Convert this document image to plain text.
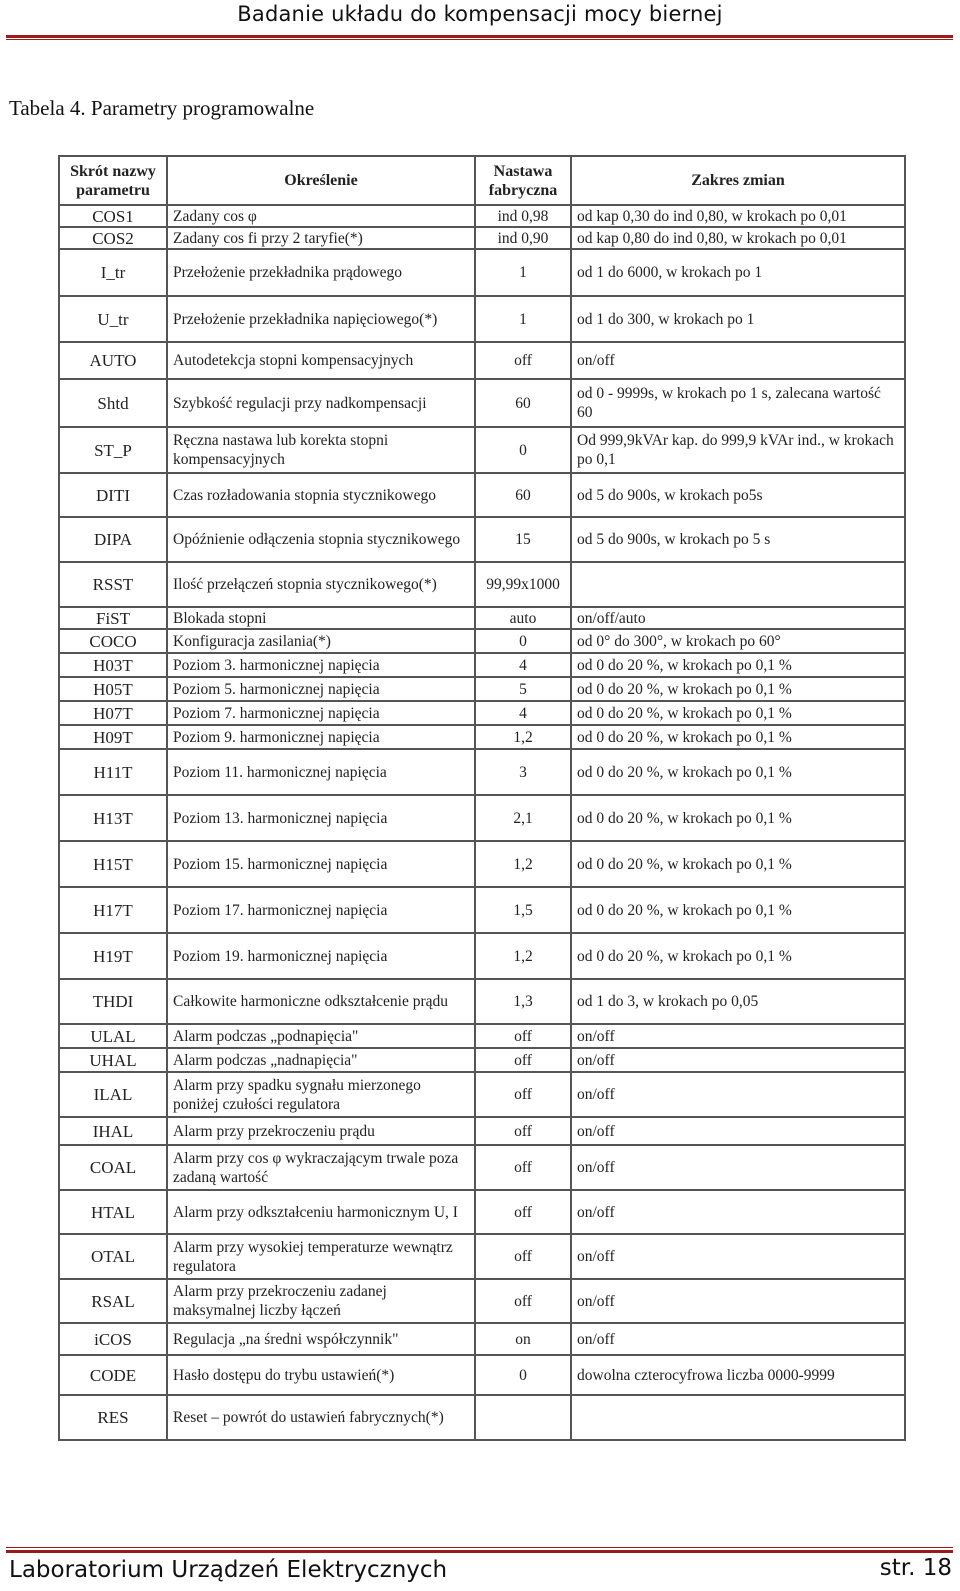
Badanie układu do kompensacji mocy biernej
Tabela 4. Parametry programowalne
Skrót nazwy parametru	Określenie	Nastawa fabryczna	Zakres zmian
COS1	Zadany cos φ	ind 0,98	od kap 0,30 do ind 0,80, w krokach po 0,01
COS2	Zadany cos fi przy 2 taryfie(*)	ind 0,90	od kap 0,80 do ind 0,80, w krokach po 0,01
I_tr	Przełożenie przekładnika prądowego	1	od 1 do 6000, w krokach po 1
U_tr	Przełożenie przekładnika napięciowego(*)	1	od 1 do 300, w krokach po 1
AUTO	Autodetekcja stopni kompensacyjnych	off	on/off
Shtd	Szybkość regulacji przy nadkompensacji	60	od 0 - 9999s, w krokach po 1 s, zalecana wartość 60
ST_P	Ręczna nastawa lub korekta stopni kompensacyjnych	0	Od 999,9kVAr kap. do 999,9 kVAr ind., w krokach po 0,1
DITI	Czas rozładowania stopnia stycznikowego	60	od 5 do 900s, w krokach po5s
DIPA	Opóźnienie odłączenia stopnia stycznikowego	15	od 5 do 900s, w krokach po 5 s
RSST	Ilość przełączeń stopnia stycznikowego(*)	99,99x1000	
FiST	Blokada stopni	auto	on/off/auto
COCO	Konfiguracja zasilania(*)	0	od 0° do 300°, w krokach po 60°
H03T	Poziom 3. harmonicznej napięcia	4	od 0 do 20 %, w krokach po 0,1 %
H05T	Poziom 5. harmonicznej napięcia	5	od 0 do 20 %, w krokach po 0,1 %
H07T	Poziom 7. harmonicznej napięcia	4	od 0 do 20 %, w krokach po 0,1 %
H09T	Poziom 9. harmonicznej napięcia	1,2	od 0 do 20 %, w krokach po 0,1 %
H11T	Poziom 11. harmonicznej napięcia	3	od 0 do 20 %, w krokach po 0,1 %
H13T	Poziom 13. harmonicznej napięcia	2,1	od 0 do 20 %, w krokach po 0,1 %
H15T	Poziom 15. harmonicznej napięcia	1,2	od 0 do 20 %, w krokach po 0,1 %
H17T	Poziom 17. harmonicznej napięcia	1,5	od 0 do 20 %, w krokach po 0,1 %
H19T	Poziom 19. harmonicznej napięcia	1,2	od 0 do 20 %, w krokach po 0,1 %
THDI	Całkowite harmoniczne odkształcenie prądu	1,3	od 1 do 3, w krokach po 0,05
ULAL	Alarm podczas „podnapięcia"	off	on/off
UHAL	Alarm podczas „nadnapięcia"	off	on/off
ILAL	Alarm przy spadku sygnału mierzonego poniżej czułości regulatora	off	on/off
IHAL	Alarm przy przekroczeniu prądu	off	on/off
COAL	Alarm przy cos φ wykraczającym trwale poza zadaną wartość	off	on/off
HTAL	Alarm przy odkształceniu harmonicznym U, I	off	on/off
OTAL	Alarm przy wysokiej temperaturze wewnątrz regulatora	off	on/off
RSAL	Alarm przy przekroczeniu zadanej maksymalnej liczby łączeń	off	on/off
iCOS	Regulacja „na średni współczynnik"	on	on/off
CODE	Hasło dostępu do trybu ustawień(*)	0	dowolna czterocyfrowa liczba 0000-9999
RES	Reset – powrót do ustawień fabrycznych(*)		
Laboratorium Urządzeń Elektrycznych	str. 18
